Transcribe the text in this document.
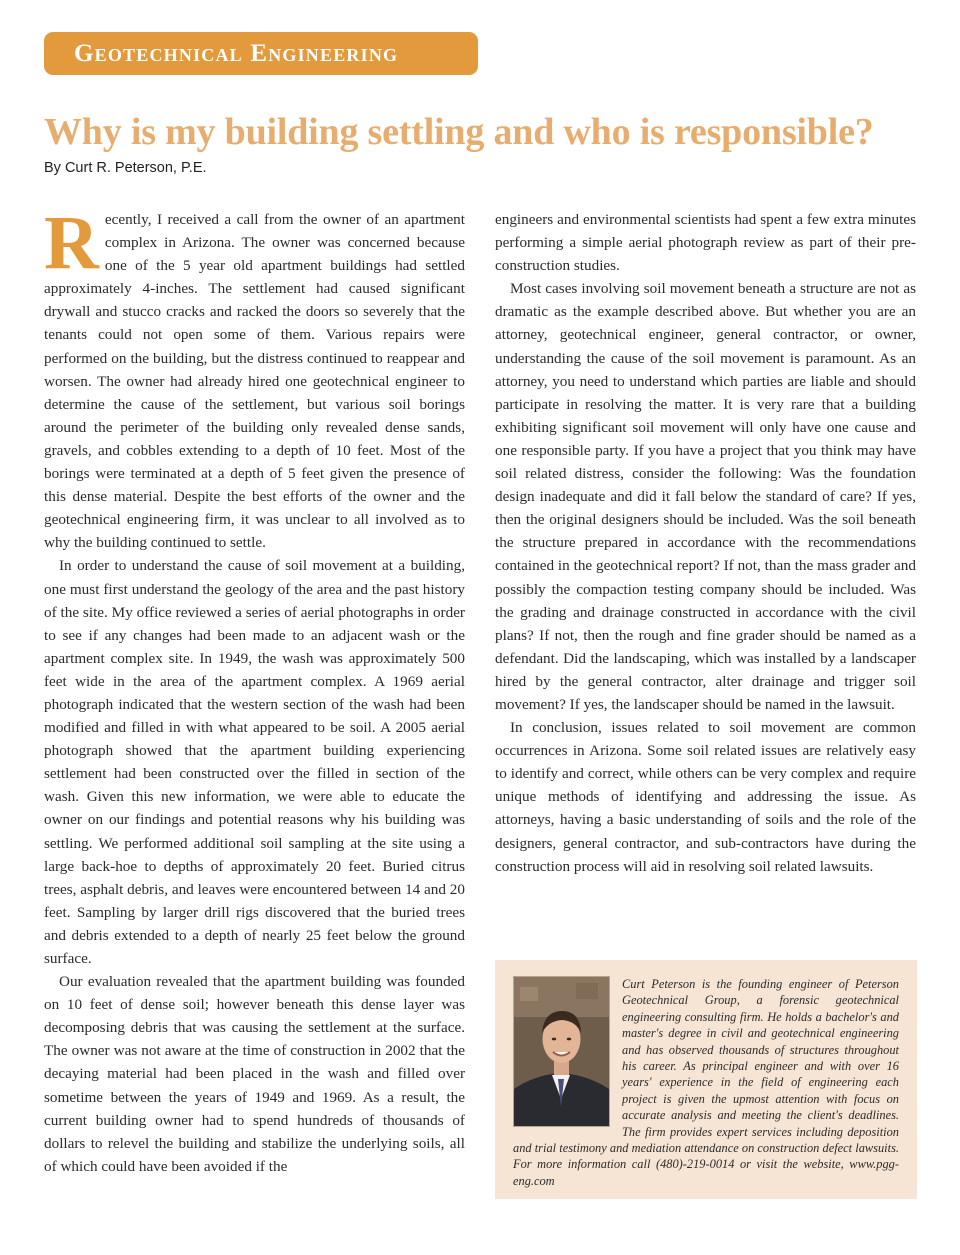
Geotechnical Engineering
Why is my building settling and who is responsible?
By Curt R. Peterson, P.E.

Recently, I received a call from the owner of an apartment complex in Arizona. The owner was concerned because one of the 5 year old apartment buildings had settled approximately 4-inches. The settlement had caused significant drywall and stucco cracks and racked the doors so severely that the tenants could not open some of them. Various repairs were performed on the building, but the distress continued to reappear and worsen. The owner had already hired one geotechnical engineer to determine the cause of the settlement, but various soil borings around the perimeter of the building only revealed dense sands, gravels, and cobbles extending to a depth of 10 feet. Most of the borings were terminated at a depth of 5 feet given the presence of this dense material. Despite the best efforts of the owner and the geotechnical engineering firm, it was unclear to all involved as to why the building continued to settle.

In order to understand the cause of soil movement at a building, one must first understand the geology of the area and the past history of the site. My office reviewed a series of aerial photographs in order to see if any changes had been made to an adjacent wash or the apartment complex site. In 1949, the wash was approximately 500 feet wide in the area of the apartment complex. A 1969 aerial photograph indicated that the western section of the wash had been modified and filled in with what appeared to be soil. A 2005 aerial photograph showed that the apartment building experiencing settlement had been constructed over the filled in section of the wash. Given this new information, we were able to educate the owner on our findings and potential reasons why his building was settling. We performed additional soil sampling at the site using a large back-hoe to depths of approximately 20 feet. Buried citrus trees, asphalt debris, and leaves were encountered between 14 and 20 feet. Sampling by larger drill rigs discovered that the buried trees and debris extended to a depth of nearly 25 feet below the ground surface.

Our evaluation revealed that the apartment building was founded on 10 feet of dense soil; however beneath this dense layer was decomposing debris that was causing the settlement at the surface. The owner was not aware at the time of construction in 2002 that the decaying material had been placed in the wash and filled over sometime between the years of 1949 and 1969. As a result, the current building owner had to spend hundreds of thousands of dollars to relevel the building and stabilize the underlying soils, all of which could have been avoided if the

engineers and environmental scientists had spent a few extra minutes performing a simple aerial photograph review as part of their pre-construction studies.

Most cases involving soil movement beneath a structure are not as dramatic as the example described above. But whether you are an attorney, geotechnical engineer, general contractor, or owner, understanding the cause of the soil movement is paramount. As an attorney, you need to understand which parties are liable and should participate in resolving the matter. It is very rare that a building exhibiting significant soil movement will only have one cause and one responsible party. If you have a project that you think may have soil related distress, consider the following: Was the foundation design inadequate and did it fall below the standard of care? If yes, then the original designers should be included. Was the soil beneath the structure prepared in accordance with the recommendations contained in the geotechnical report? If not, than the mass grader and possibly the compaction testing company should be included. Was the grading and drainage constructed in accordance with the civil plans? If not, then the rough and fine grader should be named as a defendant. Did the landscaping, which was installed by a landscaper hired by the general contractor, alter drainage and trigger soil movement? If yes, the landscaper should be named in the lawsuit.

In conclusion, issues related to soil movement are common occurrences in Arizona. Some soil related issues are relatively easy to identify and correct, while others can be very complex and require unique methods of identifying and addressing the issue. As attorneys, having a basic understanding of soils and the role of the designers, general contractor, and sub-contractors have during the construction process will aid in resolving soil related lawsuits.

Curt Peterson is the founding engineer of Peterson Geotechnical Group, a forensic geotechnical engineering consulting firm. He holds a bachelor's and master's degree in civil and geotechnical engineering and has observed thousands of structures throughout his career. As principal engineer and with over 16 years' experience in the field of engineering each project is given the upmost attention with focus on accurate analysis and meeting the client's deadlines. The firm provides expert services including deposition and trial testimony and mediation attendance on construction defect lawsuits. For more information call (480)-219-0014 or visit the website, www.pgg-eng.com
